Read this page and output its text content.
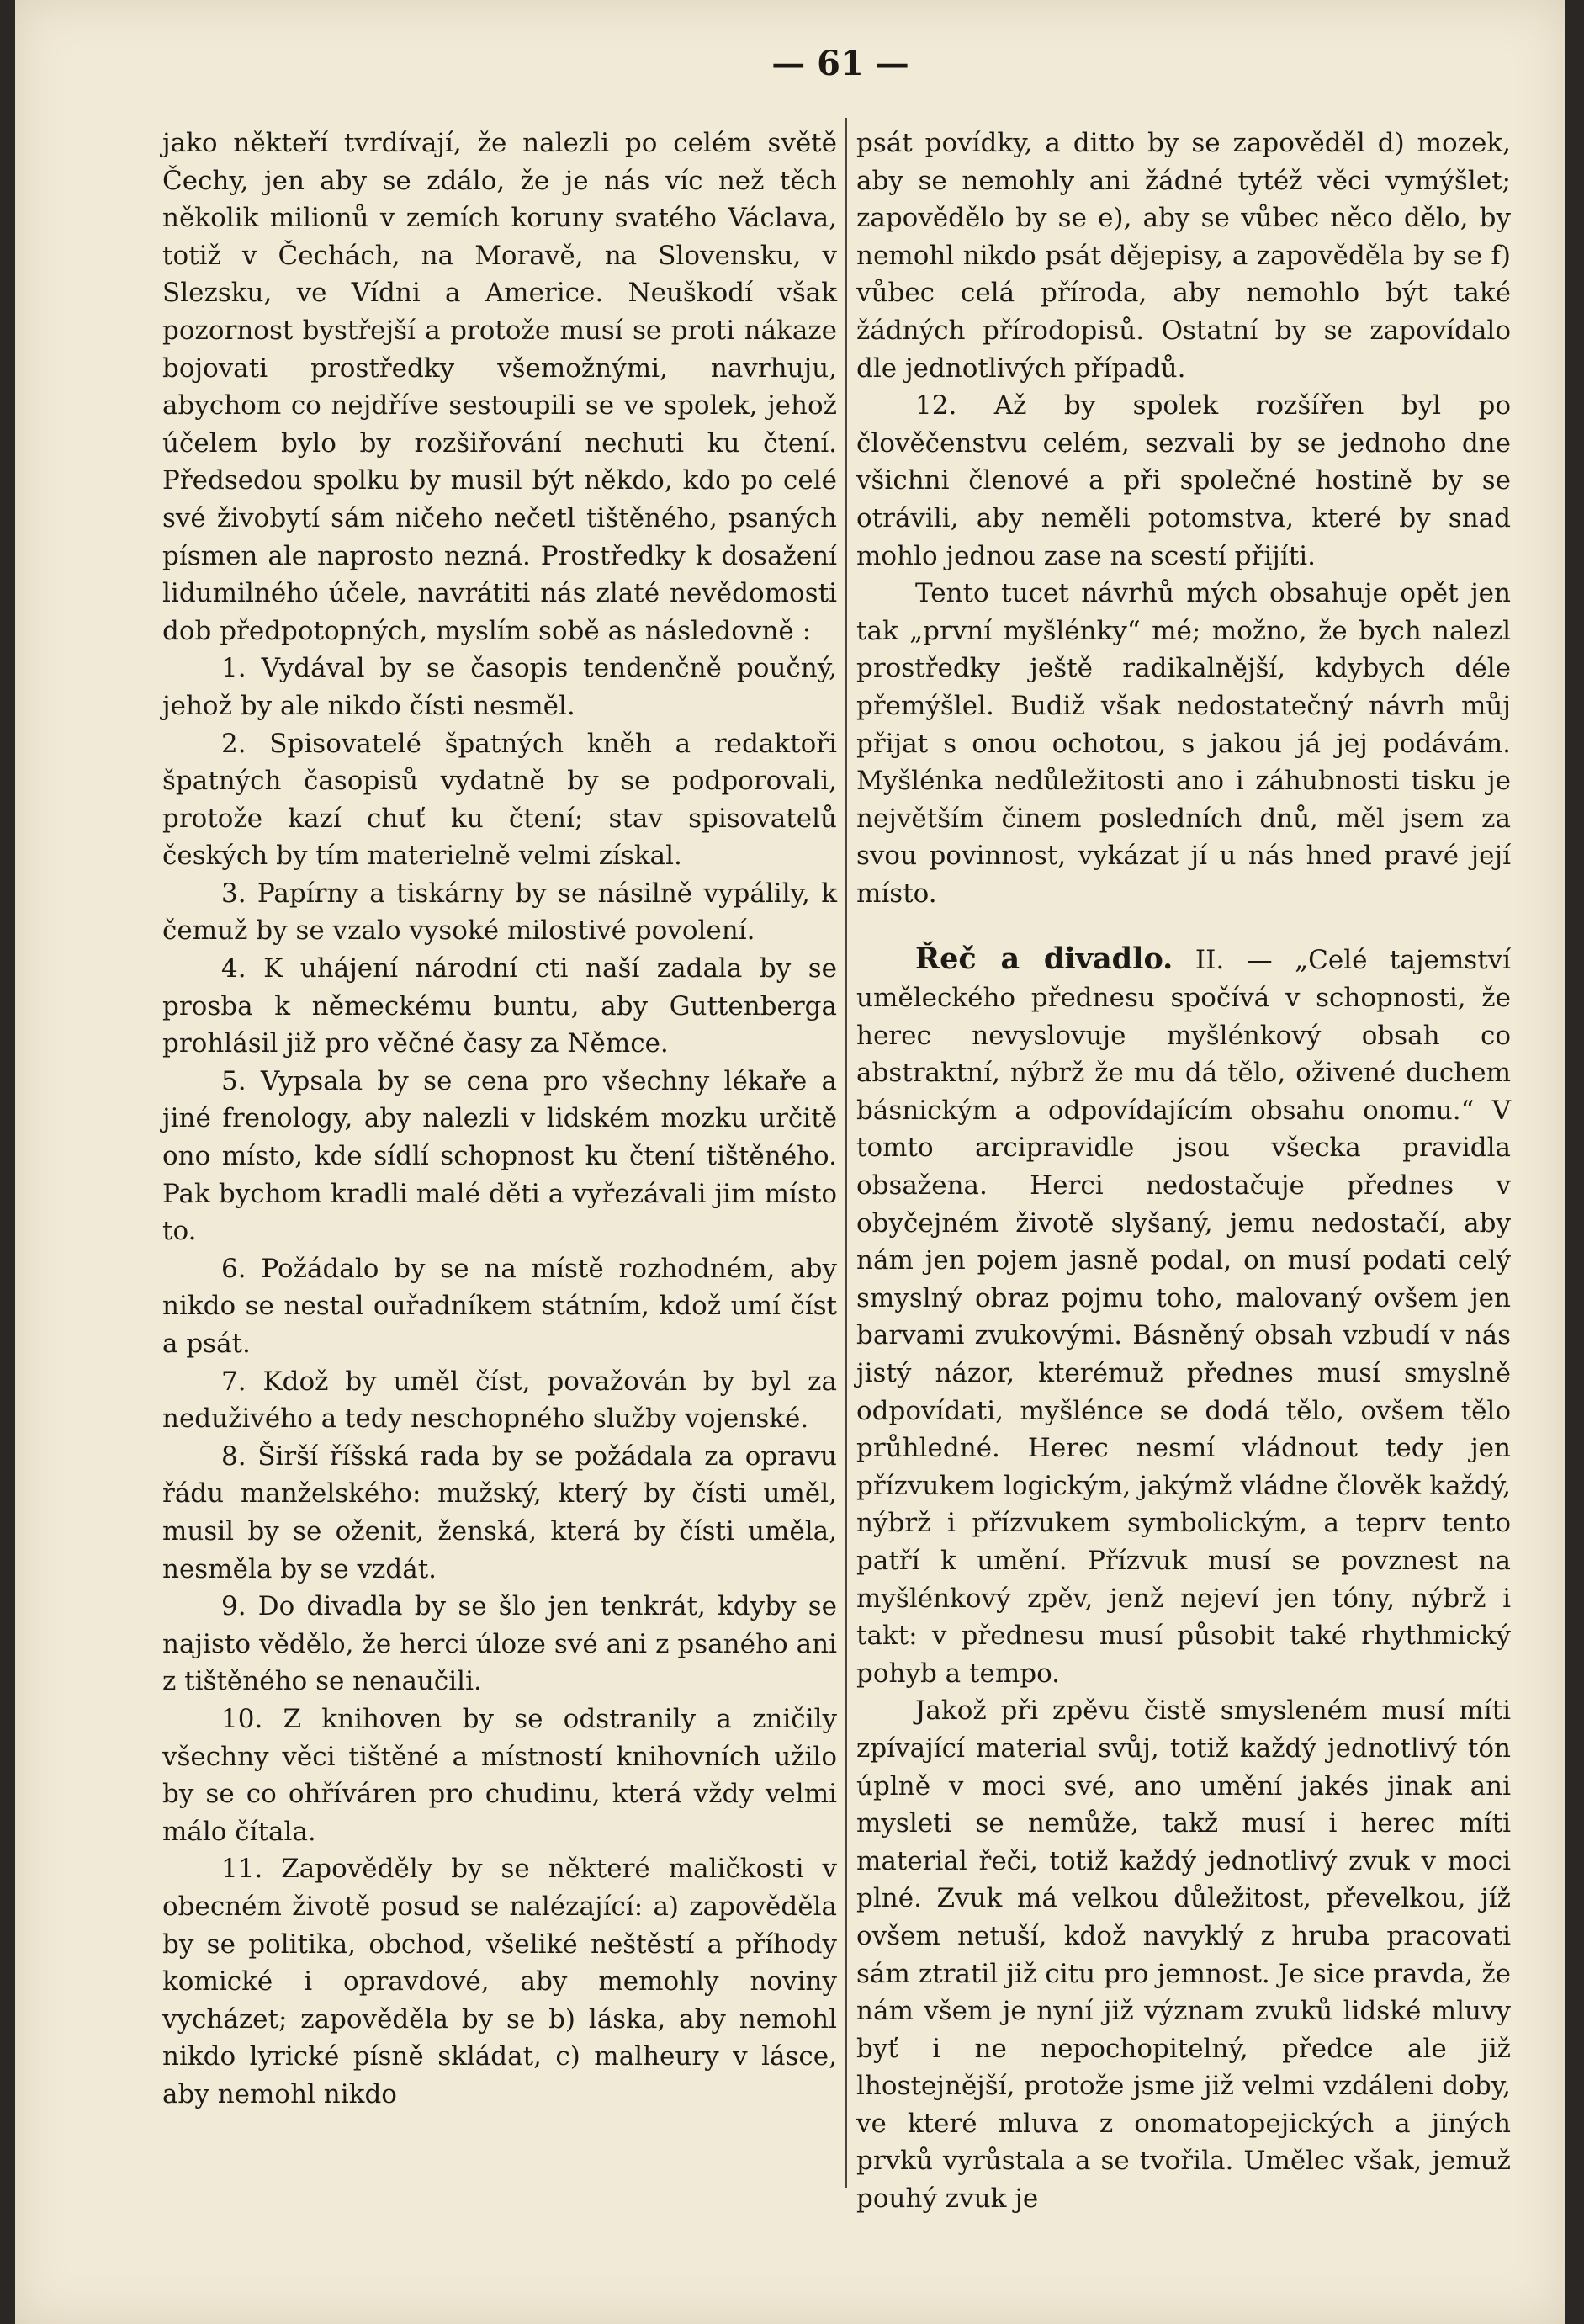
— 61 —

jako někteří tvrdívají, že nalezli po celém světě Čechy, jen aby se zdálo, že je nás víc než těch několik milionů v zemích koruny svatého Václava, totiž v Čechách, na Moravě, na Slovensku, v Slezsku, ve Vídni a Americe. Neuškodí však pozornost bystřejší a protože musí se proti nákaze bojovati prostředky všemožnými, navrhuju, abychom co nejdříve sestoupili se ve spolek, jehož účelem bylo by rozšiřování nechuti ku čtení. Předsedou spolku by musil být někdo, kdo po celé své živobytí sám ničeho nečetl tištěného, psaných písmen ale naprosto nezná. Prostředky k dosažení lidumilného účele, navrátiti nás zlaté nevědomosti dob předpotopných, myslím sobě as následovně :

1. Vydával by se časopis tendenčně poučný, jehož by ale nikdo čísti nesměl.

2. Spisovatelé špatných kněh a redaktoři špatných časopisů vydatně by se podporovali, protože kazí chuť ku čtení; stav spisovatelů českých by tím materielně velmi získal.

3. Papírny a tiskárny by se násilně vypálily, k čemuž by se vzalo vysoké milostivé povolení.

4. K uhájení národní cti naší zadala by se prosba k německému buntu, aby Guttenberga prohlásil již pro věčné časy za Němce.

5. Vypsala by se cena pro všechny lékaře a jiné frenology, aby nalezli v lidském mozku určitě ono místo, kde sídlí schopnost ku čtení tištěného. Pak bychom kradli malé děti a vyřezávali jim místo to.

6. Požádalo by se na místě rozhodném, aby nikdo se nestal ouřadníkem státním, kdož umí číst a psát.

7. Kdož by uměl číst, považován by byl za neduživého a tedy neschopného služby vojenské.

8. Širší říšská rada by se požádala za opravu řádu manželského: mužský, který by čísti uměl, musil by se oženit, ženská, která by čísti uměla, nesměla by se vzdát.

9. Do divadla by se šlo jen tenkrát, kdyby se najisto vědělo, že herci úloze své ani z psaného ani z tištěného se nenaučili.

10. Z knihoven by se odstranily a zničily všechny věci tištěné a místností knihovních užilo by se co ohříváren pro chudinu, která vždy velmi málo čítala.

11. Zapověděly by se některé maličkosti v obecném životě posud se nalézající: a) zapověděla by se politika, obchod, všeliké neštěstí a příhody komické i opravdové, aby memohly noviny vycházet; zapověděla by se b) láska, aby nemohl nikdo lyrické písně skládat, c) malheury v lásce, aby nemohl nikdo

psát povídky, a ditto by se zapověděl d) mozek, aby se nemohly ani žádné tytéž věci vymýšlet; zapovědělo by se e), aby se vůbec něco dělo, by nemohl nikdo psát dějepisy, a zapověděla by se f) vůbec celá příroda, aby nemohlo být také žádných přírodopisů. Ostatní by se zapovídalo dle jednotlivých případů.

12. Až by spolek rozšířen byl po člověčenstvu celém, sezvali by se jednoho dne všichni členové a při společné hostině by se otrávili, aby neměli potomstva, které by snad mohlo jednou zase na scestí přijíti.

Tento tucet návrhů mých obsahuje opět jen tak „první myšlénky“ mé; možno, že bych nalezl prostředky ještě radikalnější, kdybych déle přemýšlel. Budiž však nedostatečný návrh můj přijat s onou ochotou, s jakou já jej podávám. Myšlénka nedůležitosti ano i záhubnosti tisku je největším činem posledních dnů, měl jsem za svou povinnost, vykázat jí u nás hned pravé její místo.

Řeč a divadlo. II. — „Celé tajemství uměleckého přednesu spočívá v schopnosti, že herec nevyslovuje myšlénkový obsah co abstraktní, nýbrž že mu dá tělo, oživené duchem básnickým a odpovídajícím obsahu onomu.“ V tomto arcipravidle jsou všecka pravidla obsažena. Herci nedostačuje přednes v obyčejném životě slyšaný, jemu nedostačí, aby nám jen pojem jasně podal, on musí podati celý smyslný obraz pojmu toho, malovaný ovšem jen barvami zvukovými. Básněný obsah vzbudí v nás jistý názor, kterémuž přednes musí smyslně odpovídati, myšlénce se dodá tělo, ovšem tělo průhledné. Herec nesmí vládnout tedy jen přízvukem logickým, jakýmž vládne člověk každý, nýbrž i přízvukem symbolickým, a teprv tento patří k umění. Přízvuk musí se povznest na myšlénkový zpěv, jenž nejeví jen tóny, nýbrž i takt: v přednesu musí působit také rhythmický pohyb a tempo.

Jakož při zpěvu čistě smysleném musí míti zpívající material svůj, totiž každý jednotlivý tón úplně v moci své, ano umění jakés jinak ani mysleti se nemůže, takž musí i herec míti material řeči, totiž každý jednotlivý zvuk v moci plné. Zvuk má velkou důležitost, převelkou, jíž ovšem netuší, kdož navyklý z hruba pracovati sám ztratil již citu pro jemnost. Je sice pravda, že nám všem je nyní již význam zvuků lidské mluvy byť i ne nepochopitelný, předce ale již lhostejnější, protože jsme již velmi vzdáleni doby, ve které mluva z onomatopejických a jiných prvků vyrůstala a se tvořila. Umělec však, jemuž pouhý zvuk je
